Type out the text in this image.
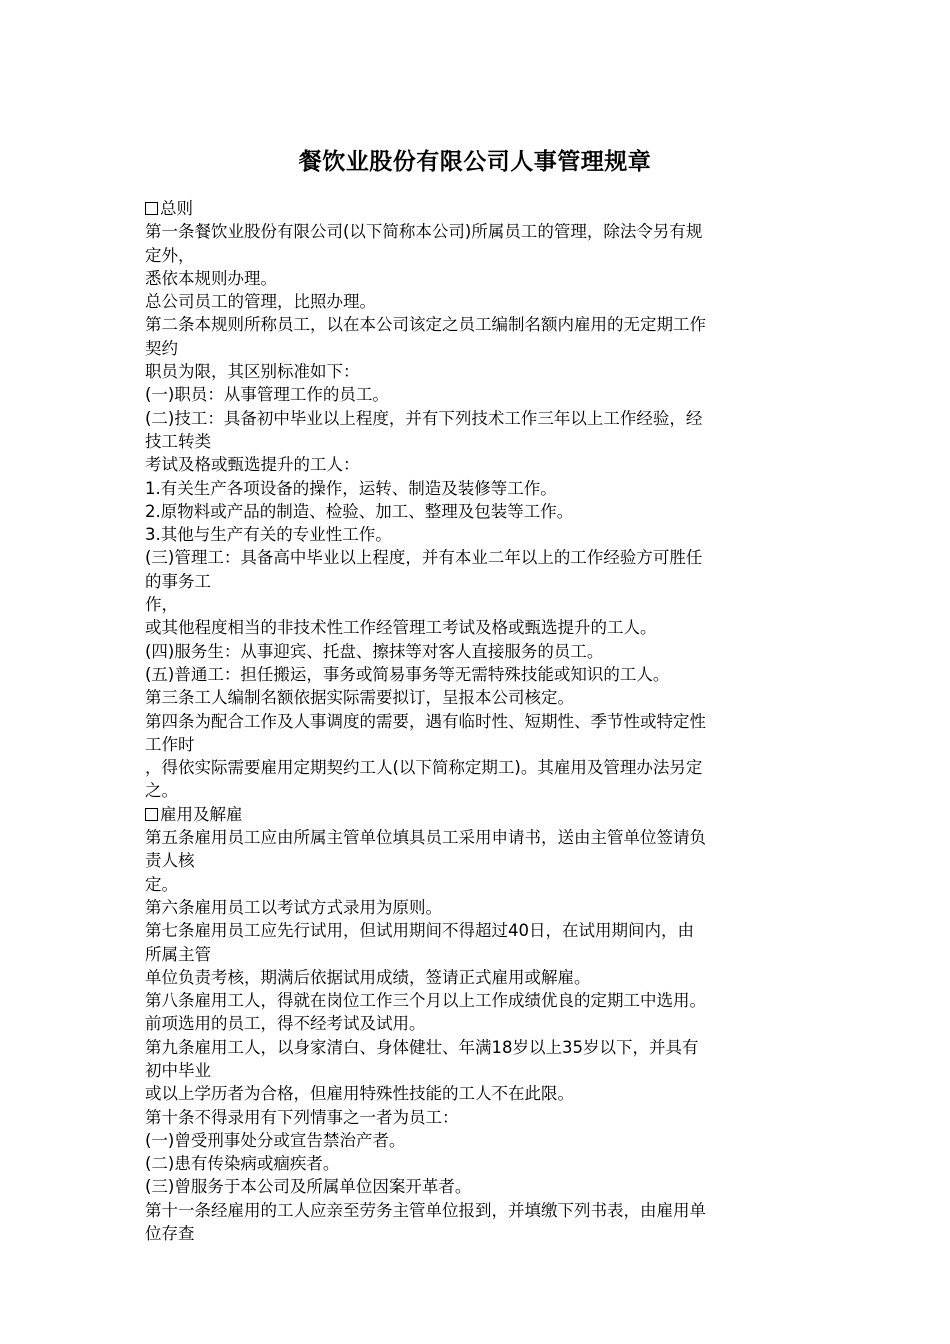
餐饮业股份有限公司人事管理规章
总则
第一条餐饮业股份有限公司(以下简称本公司)所属员工的管理，除法令另有规
定外，
悉依本规则办理。
总公司员工的管理，比照办理。
第二条本规则所称员工，以在本公司该定之员工编制名额内雇用的无定期工作
契约
职员为限，其区别标准如下：
(一)职员：从事管理工作的员工。
(二)技工：具备初中毕业以上程度，并有下列技术工作三年以上工作经验，经
技工转类
考试及格或甄选提升的工人：
1.有关生产各项设备的操作，运转、制造及装修等工作。
2.原物料或产品的制造、检验、加工、整理及包装等工作。
3.其他与生产有关的专业性工作。
(三)管理工：具备高中毕业以上程度，并有本业二年以上的工作经验方可胜任
的事务工
作，
或其他程度相当的非技术性工作经管理工考试及格或甄选提升的工人。
(四)服务生：从事迎宾、托盘、擦抹等对客人直接服务的员工。
(五)普通工：担任搬运，事务或简易事务等无需特殊技能或知识的工人。
第三条工人编制名额依据实际需要拟订，呈报本公司核定。
第四条为配合工作及人事调度的需要，遇有临时性、短期性、季节性或特定性
工作时
，得依实际需要雇用定期契约工人(以下简称定期工)。其雇用及管理办法另定
之。
雇用及解雇
第五条雇用员工应由所属主管单位填具员工采用申请书，送由主管单位签请负
责人核
定。
第六条雇用员工以考试方式录用为原则。
第七条雇用员工应先行试用，但试用期间不得超过40日，在试用期间内，由
所属主管
单位负责考核，期满后依据试用成绩，签请正式雇用或解雇。
第八条雇用工人，得就在岗位工作三个月以上工作成绩优良的定期工中选用。
前项选用的员工，得不经考试及试用。
第九条雇用工人，以身家清白、身体健壮、年满18岁以上35岁以下，并具有
初中毕业
或以上学历者为合格，但雇用特殊性技能的工人不在此限。
第十条不得录用有下列情事之一者为员工：
(一)曾受刑事处分或宣告禁治产者。
(二)患有传染病或痼疾者。
(三)曾服务于本公司及所属单位因案开革者。
第十一条经雇用的工人应亲至劳务主管单位报到，并填缴下列书表，由雇用单
位存查
